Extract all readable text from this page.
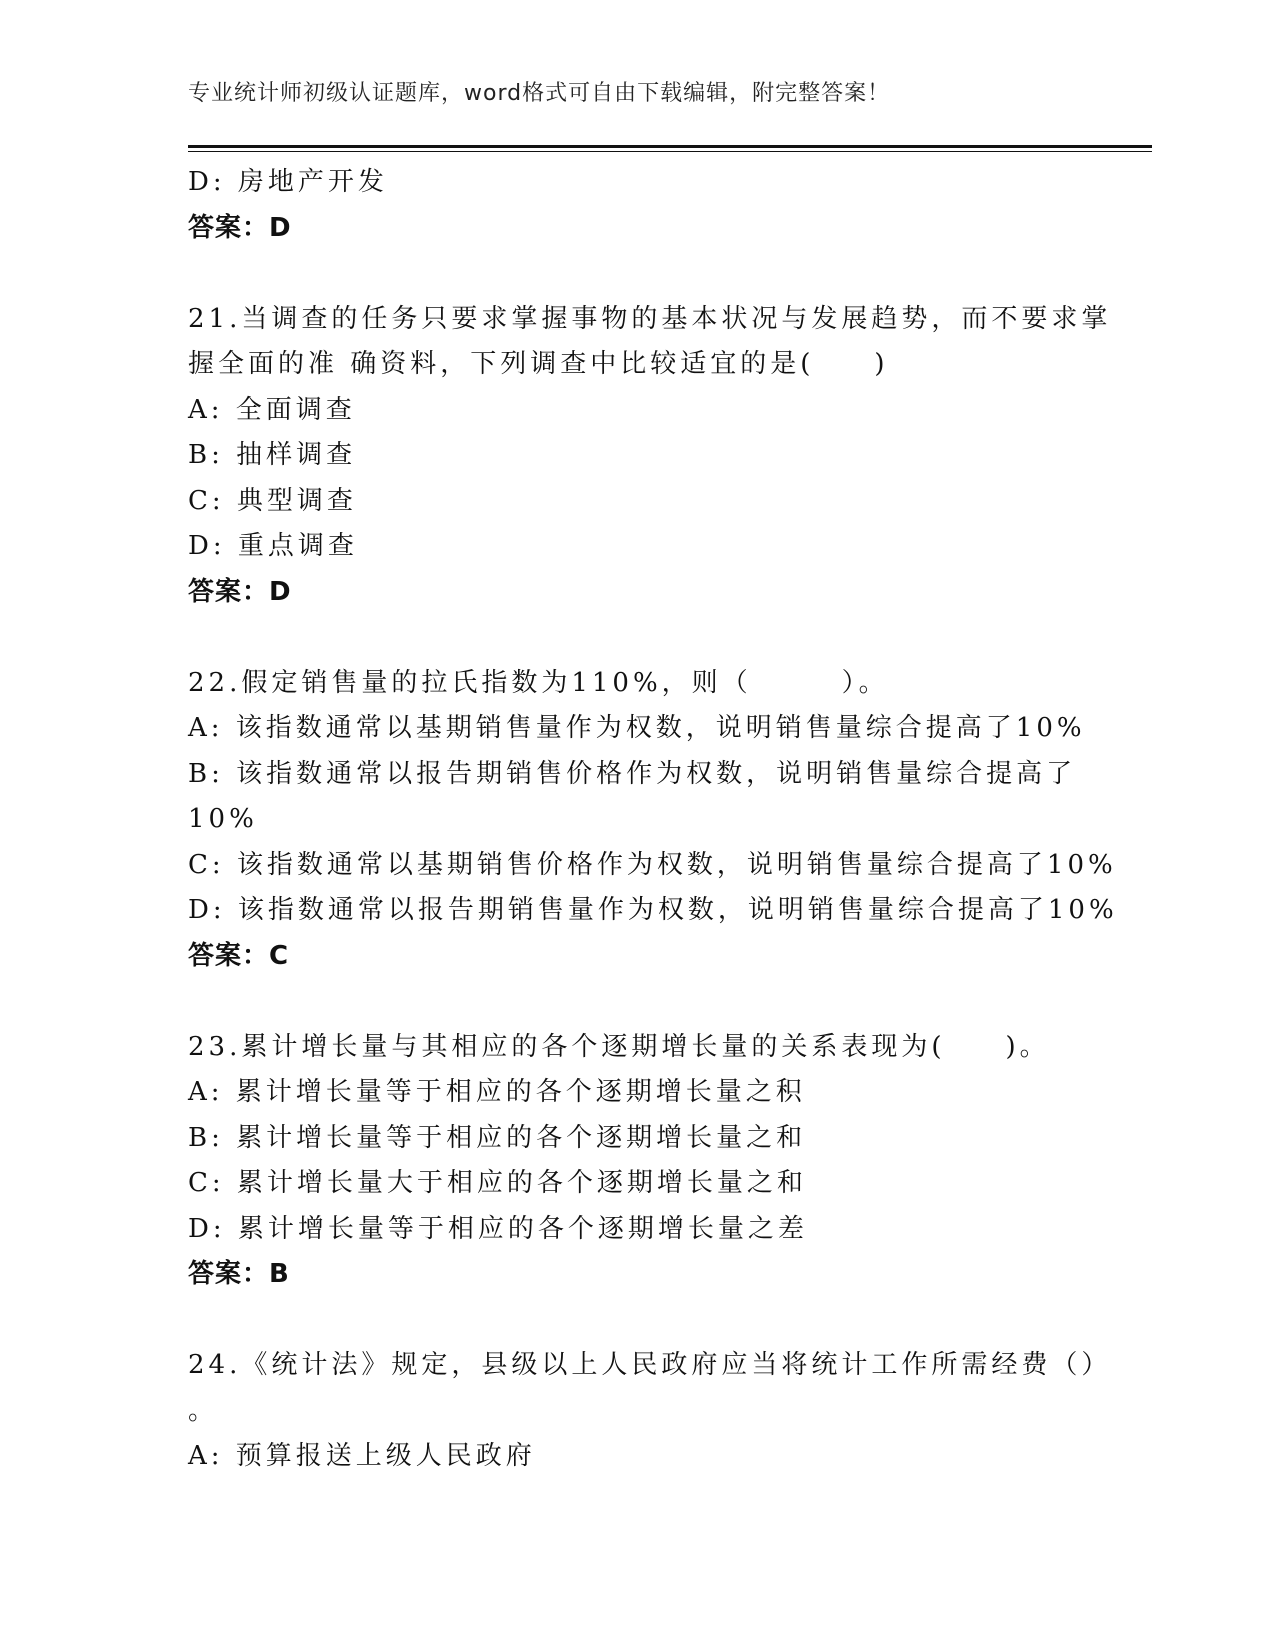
专业统计师初级认证题库，word格式可自由下载编辑，附完整答案！
D: 房地产开发
答案：D
21.当调查的任务只要求掌握事物的基本状况与发展趋势，而不要求掌
握全面的准 确资料，下列调查中比较适宜的是(　　)
A: 全面调查
B: 抽样调查
C: 典型调查
D: 重点调查
答案：D
22.假定销售量的拉氏指数为110%，则（　　　）。
A: 该指数通常以基期销售量作为权数，说明销售量综合提高了10%
B: 该指数通常以报告期销售价格作为权数，说明销售量综合提高了
10%
C: 该指数通常以基期销售价格作为权数，说明销售量综合提高了10%
D: 该指数通常以报告期销售量作为权数，说明销售量综合提高了10%
答案：C
23.累计增长量与其相应的各个逐期增长量的关系表现为(　　)。
A: 累计增长量等于相应的各个逐期增长量之积
B: 累计增长量等于相应的各个逐期增长量之和
C: 累计增长量大于相应的各个逐期增长量之和
D: 累计增长量等于相应的各个逐期增长量之差
答案：B
24.《统计法》规定，县级以上人民政府应当将统计工作所需经费（）
。
A: 预算报送上级人民政府
